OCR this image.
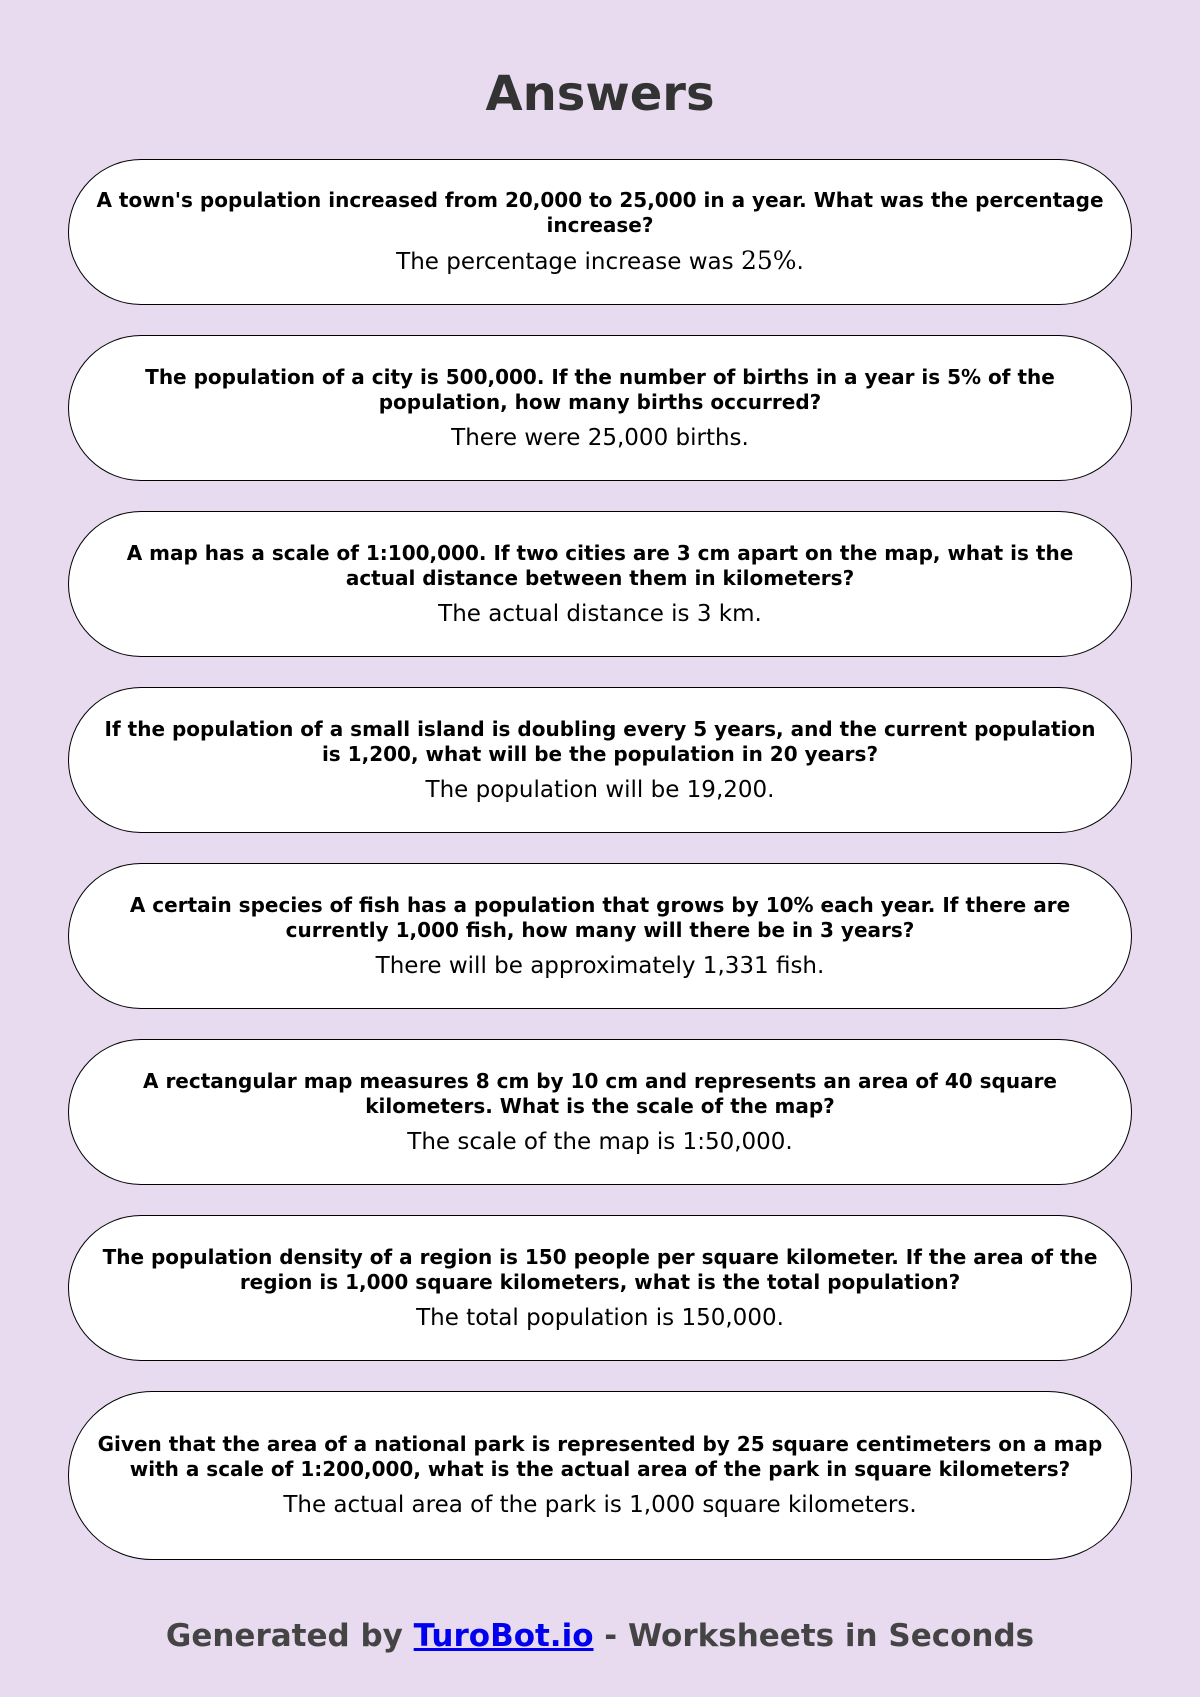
Answers

A town's population increased from 20,000 to 25,000 in a year. What was the percentage increase?

The percentage increase was 25%.

The population of a city is 500,000. If the number of births in a year is 5% of the population, how many births occurred?

There were 25,000 births.

A map has a scale of 1:100,000. If two cities are 3 cm apart on the map, what is the actual distance between them in kilometers?

The actual distance is 3 km.

If the population of a small island is doubling every 5 years, and the current population is 1,200, what will be the population in 20 years?

The population will be 19,200.

A certain species of fish has a population that grows by 10% each year. If there are currently 1,000 fish, how many will there be in 3 years?

There will be approximately 1,331 fish.

A rectangular map measures 8 cm by 10 cm and represents an area of 40 square kilometers. What is the scale of the map?

The scale of the map is 1:50,000.

The population density of a region is 150 people per square kilometer. If the area of the region is 1,000 square kilometers, what is the total population?

The total population is 150,000.

Given that the area of a national park is represented by 25 square centimeters on a map with a scale of 1:200,000, what is the actual area of the park in square kilometers?

The actual area of the park is 1,000 square kilometers.

Generated by TuroBot.io - Worksheets in Seconds
